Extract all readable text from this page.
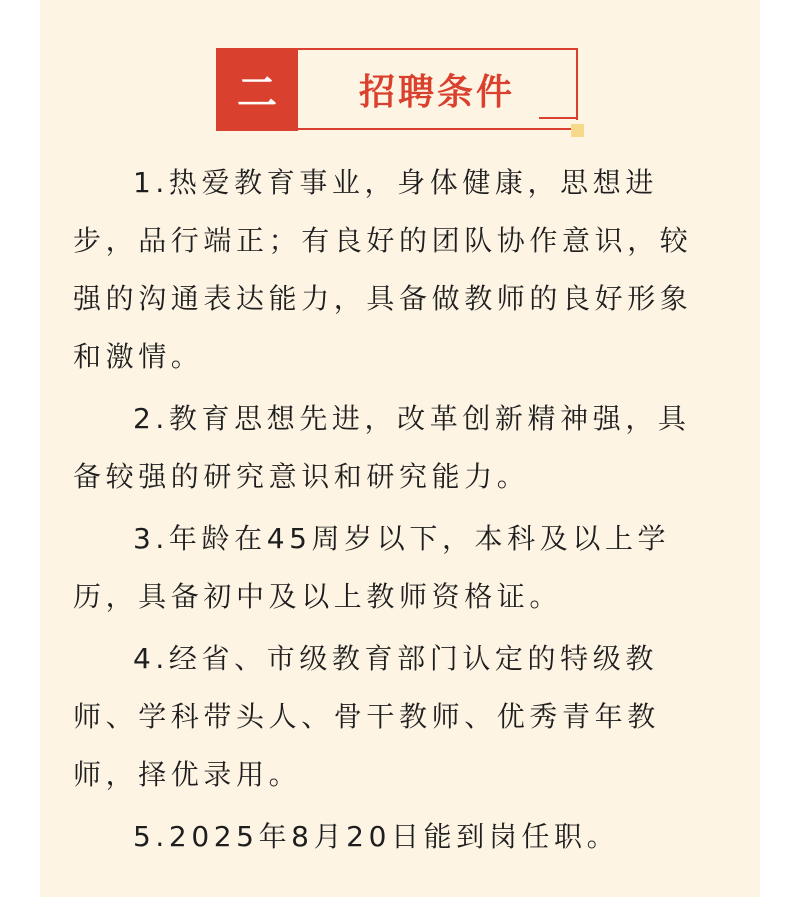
二	招聘条件
1.热爱教育事业，身体健康，思想进
步，品行端正；有良好的团队协作意识，较
强的沟通表达能力，具备做教师的良好形象
和激情。
2.教育思想先进，改革创新精神强，具
备较强的研究意识和研究能力。
3.年龄在45周岁以下，本科及以上学
历，具备初中及以上教师资格证。
4.经省、市级教育部门认定的特级教
师、学科带头人、骨干教师、优秀青年教
师，择优录用。
5.2025年8月20日能到岗任职。
